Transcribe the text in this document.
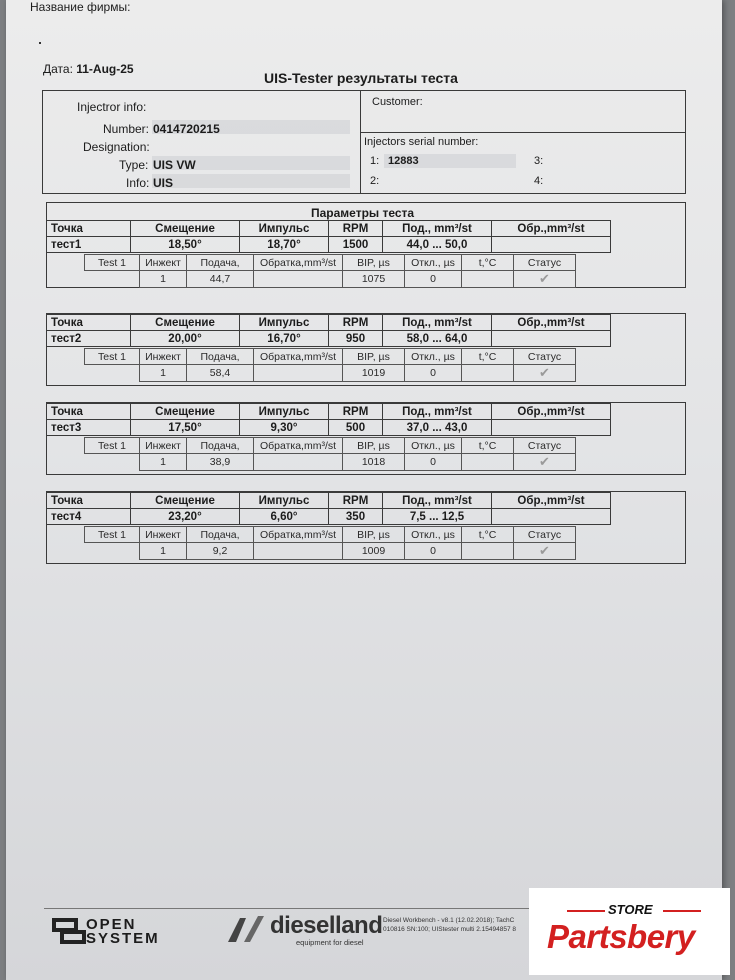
Название фирмы:
Дата: 11-Aug-25
UIS-Tester результаты теста
Injectror info:
Number: 0414720215
Designation:
Type: UIS VW
Info: UIS
Customer:
Injectors serial number:
1: 12883
2:
3:
4:
Параметры теста
Точка	Смещение	Импульс	RPM	Под., mm³/st	Обр.,mm³/st
тест1	18,50°	18,70°	1500	44,0 ... 50,0	
Test 1	Инжект	Подача,	Обратка,mm³/st	BIP, µs	Откл., µs	t,°C	Статус
	1	44,7		1075	0		✔
Точка	Смещение	Импульс	RPM	Под., mm³/st	Обр.,mm³/st
тест2	20,00°	16,70°	950	58,0 ... 64,0	
Test 1	Инжект	Подача,	Обратка,mm³/st	BIP, µs	Откл., µs	t,°C	Статус
	1	58,4		1019	0		✔
Точка	Смещение	Импульс	RPM	Под., mm³/st	Обр.,mm³/st
тест3	17,50°	9,30°	500	37,0 ... 43,0	
Test 1	Инжект	Подача,	Обратка,mm³/st	BIP, µs	Откл., µs	t,°C	Статус
	1	38,9		1018	0		✔
Точка	Смещение	Импульс	RPM	Под., mm³/st	Обр.,mm³/st
тест4	23,20°	6,60°	350	7,5 ... 12,5	
Test 1	Инжект	Подача,	Обратка,mm³/st	BIP, µs	Откл., µs	t,°C	Статус
	1	9,2		1009	0		✔
OPEN
SYSTEM	dieselland
equipment for diesel
Diesel Workbench - v8.1 (12.02.2018); TachC
010816 SN:100; UIStester multi 2.15494857 8
STORE
Partsbery
